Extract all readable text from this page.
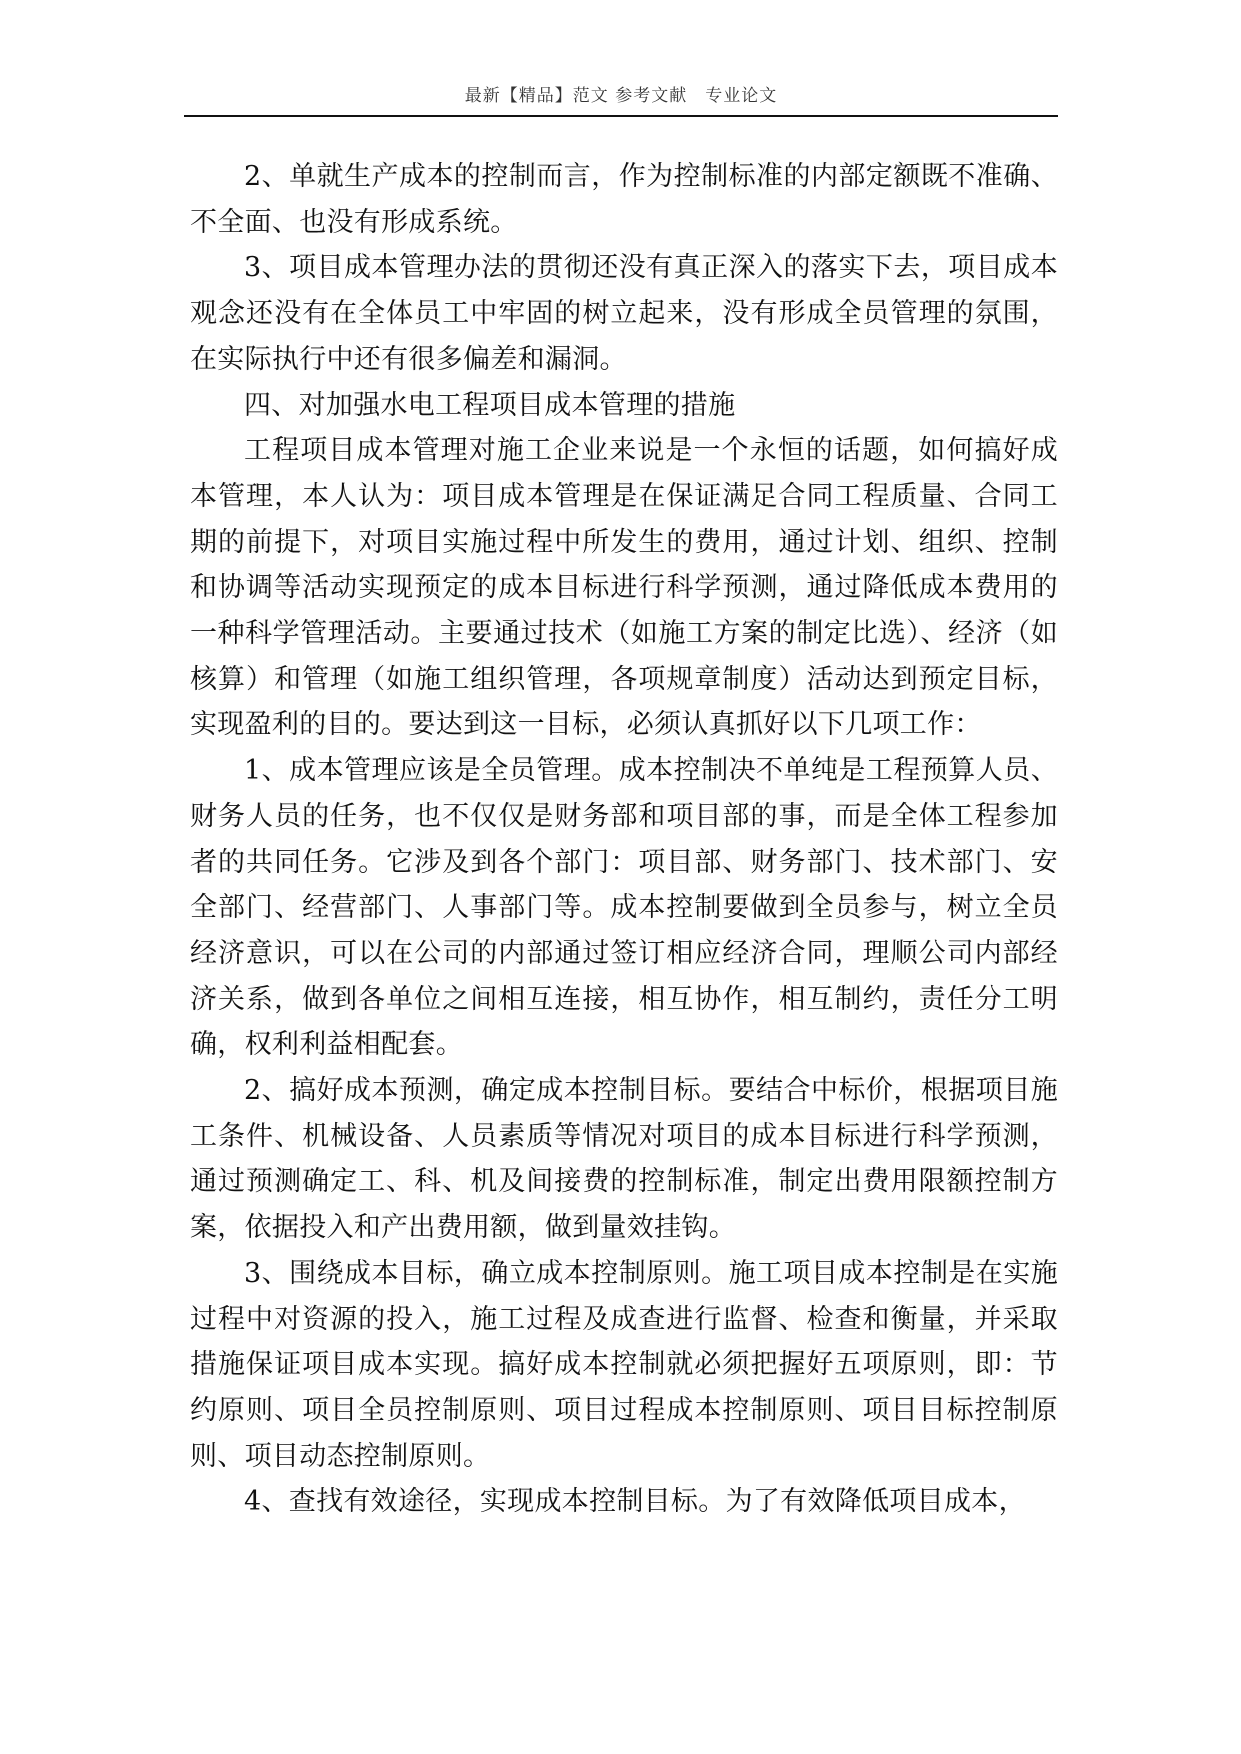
最新【精品】范文 参考文献　专业论文

2、单就生产成本的控制而言，作为控制标准的内部定额既不准确、不全面、也没有形成系统。

3、项目成本管理办法的贯彻还没有真正深入的落实下去，项目成本观念还没有在全体员工中牢固的树立起来，没有形成全员管理的氛围，在实际执行中还有很多偏差和漏洞。

四、对加强水电工程项目成本管理的措施

工程项目成本管理对施工企业来说是一个永恒的话题，如何搞好成本管理，本人认为：项目成本管理是在保证满足合同工程质量、合同工期的前提下，对项目实施过程中所发生的费用，通过计划、组织、控制和协调等活动实现预定的成本目标进行科学预测，通过降低成本费用的一种科学管理活动。主要通过技术（如施工方案的制定比选）、经济（如核算）和管理（如施工组织管理，各项规章制度）活动达到预定目标，实现盈利的目的。要达到这一目标，必须认真抓好以下几项工作：

1、成本管理应该是全员管理。成本控制决不单纯是工程预算人员、财务人员的任务，也不仅仅是财务部和项目部的事，而是全体工程参加者的共同任务。它涉及到各个部门：项目部、财务部门、技术部门、安全部门、经营部门、人事部门等。成本控制要做到全员参与，树立全员经济意识，可以在公司的内部通过签订相应经济合同，理顺公司内部经济关系，做到各单位之间相互连接，相互协作，相互制约，责任分工明确，权利利益相配套。

2、搞好成本预测，确定成本控制目标。要结合中标价，根据项目施工条件、机械设备、人员素质等情况对项目的成本目标进行科学预测，通过预测确定工、科、机及间接费的控制标准，制定出费用限额控制方案，依据投入和产出费用额，做到量效挂钩。

3、围绕成本目标，确立成本控制原则。施工项目成本控制是在实施过程中对资源的投入，施工过程及成查进行监督、检查和衡量，并采取措施保证项目成本实现。搞好成本控制就必须把握好五项原则，即：节约原则、项目全员控制原则、项目过程成本控制原则、项目目标控制原则、项目动态控制原则。

4、查找有效途径，实现成本控制目标。为了有效降低项目成本，
